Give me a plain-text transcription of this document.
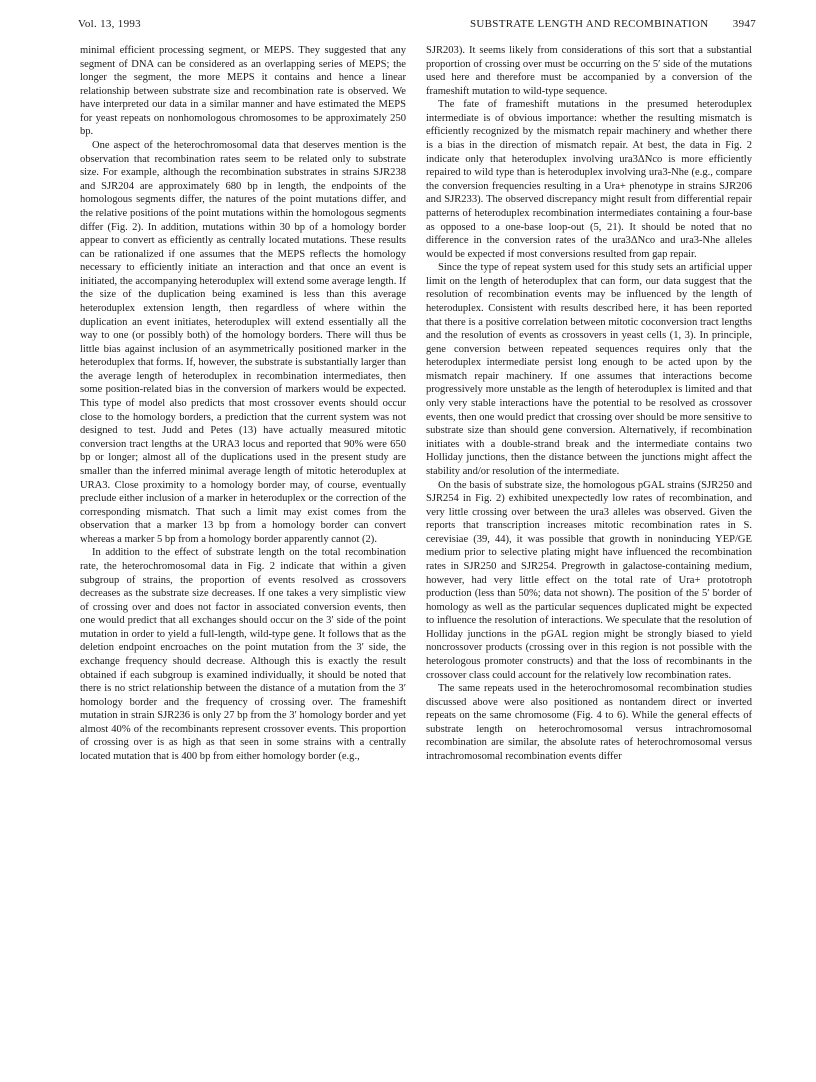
Vol. 13, 1993	SUBSTRATE LENGTH AND RECOMBINATION 3947

minimal efficient processing segment, or MEPS. They suggested that any segment of DNA can be considered as an overlapping series of MEPS; the longer the segment, the more MEPS it contains and hence a linear relationship between substrate size and recombination rate is observed. We have interpreted our data in a similar manner and have estimated the MEPS for yeast repeats on nonhomologous chromosomes to be approximately 250 bp.

One aspect of the heterochromosomal data that deserves mention is the observation that recombination rates seem to be related only to substrate size. For example, although the recombination substrates in strains SJR238 and SJR204 are approximately 680 bp in length, the endpoints of the homologous segments differ, the natures of the point mutations differ, and the relative positions of the point mutations within the homologous segments differ (Fig. 2). In addition, mutations within 30 bp of a homology border appear to convert as efficiently as centrally located mutations. These results can be rationalized if one assumes that the MEPS reflects the homology necessary to efficiently initiate an interaction and that once an event is initiated, the accompanying heteroduplex will extend some average length. If the size of the duplication being examined is less than this average heteroduplex extension length, then regardless of where within the duplication an event initiates, heteroduplex will extend essentially all the way to one (or possibly both) of the homology borders. There will thus be little bias against inclusion of an asymmetrically positioned marker in the heteroduplex that forms. If, however, the substrate is substantially larger than the average length of heteroduplex in recombination intermediates, then some position-related bias in the conversion of markers would be expected. This type of model also predicts that most crossover events should occur close to the homology borders, a prediction that the current system was not designed to test. Judd and Petes (13) have actually measured mitotic conversion tract lengths at the URA3 locus and reported that 90% were 650 bp or longer; almost all of the duplications used in the present study are smaller than the inferred minimal average length of mitotic heteroduplex at URA3. Close proximity to a homology border may, of course, eventually preclude either inclusion of a marker in heteroduplex or the correction of the corresponding mismatch. That such a limit may exist comes from the observation that a marker 13 bp from a homology border can convert whereas a marker 5 bp from a homology border apparently cannot (2).

In addition to the effect of substrate length on the total recombination rate, the heterochromosomal data in Fig. 2 indicate that within a given subgroup of strains, the proportion of events resolved as crossovers decreases as the substrate size decreases. If one takes a very simplistic view of crossing over and does not factor in associated conversion events, then one would predict that all exchanges should occur on the 3′ side of the point mutation in order to yield a full-length, wild-type gene. It follows that as the deletion endpoint encroaches on the point mutation from the 3′ side, the exchange frequency should decrease. Although this is exactly the result obtained if each subgroup is examined individually, it should be noted that there is no strict relationship between the distance of a mutation from the 3′ homology border and the frequency of crossing over. The frameshift mutation in strain SJR236 is only 27 bp from the 3′ homology border and yet almost 40% of the recombinants represent crossover events. This proportion of crossing over is as high as that seen in some strains with a centrally located mutation that is 400 bp from either homology border (e.g.,

SJR203). It seems likely from considerations of this sort that a substantial proportion of crossing over must be occurring on the 5′ side of the mutations used here and therefore must be accompanied by a conversion of the frameshift mutation to wild-type sequence.

The fate of frameshift mutations in the presumed heteroduplex intermediate is of obvious importance: whether the resulting mismatch is efficiently recognized by the mismatch repair machinery and whether there is a bias in the direction of mismatch repair. At best, the data in Fig. 2 indicate only that heteroduplex involving ura3ΔNco is more efficiently repaired to wild type than is heteroduplex involving ura3-Nhe (e.g., compare the conversion frequencies resulting in a Ura+ phenotype in strains SJR206 and SJR233). The observed discrepancy might result from differential repair patterns of heteroduplex recombination intermediates containing a four-base as opposed to a one-base loop-out (5, 21). It should be noted that no difference in the conversion rates of the ura3ΔNco and ura3-Nhe alleles would be expected if most conversions resulted from gap repair.

Since the type of repeat system used for this study sets an artificial upper limit on the length of heteroduplex that can form, our data suggest that the resolution of recombination events may be influenced by the length of heteroduplex. Consistent with results described here, it has been reported that there is a positive correlation between mitotic coconversion tract lengths and the resolution of events as crossovers in yeast cells (1, 3). In principle, gene conversion between repeated sequences requires only that the heteroduplex intermediate persist long enough to be acted upon by the mismatch repair machinery. If one assumes that interactions become progressively more unstable as the length of heteroduplex is limited and that only very stable interactions have the potential to be resolved as crossover events, then one would predict that crossing over should be more sensitive to substrate size than should gene conversion. Alternatively, if recombination initiates with a double-strand break and the intermediate contains two Holliday junctions, then the distance between the junctions might affect the stability and/or resolution of the intermediate.

On the basis of substrate size, the homologous pGAL strains (SJR250 and SJR254 in Fig. 2) exhibited unexpectedly low rates of recombination, and very little crossing over between the ura3 alleles was observed. Given the reports that transcription increases mitotic recombination rates in S. cerevisiae (39, 44), it was possible that growth in noninducing YEP/GE medium prior to selective plating might have influenced the recombination rates in SJR250 and SJR254. Pregrowth in galactose-containing medium, however, had very little effect on the total rate of Ura+ prototroph production (less than 50%; data not shown). The position of the 5′ border of homology as well as the particular sequences duplicated might be expected to influence the resolution of interactions. We speculate that the resolution of Holliday junctions in the pGAL region might be strongly biased to yield noncrossover products (crossing over in this region is not possible with the heterologous promoter constructs) and that the loss of recombinants in the crossover class could account for the relatively low recombination rates.

The same repeats used in the heterochromosomal recombination studies discussed above were also positioned as nontandem direct or inverted repeats on the same chromosome (Fig. 4 to 6). While the general effects of substrate length on heterochromosomal versus intrachromosomal recombination are similar, the absolute rates of heterochromosomal versus intrachromosomal recombination events differ
